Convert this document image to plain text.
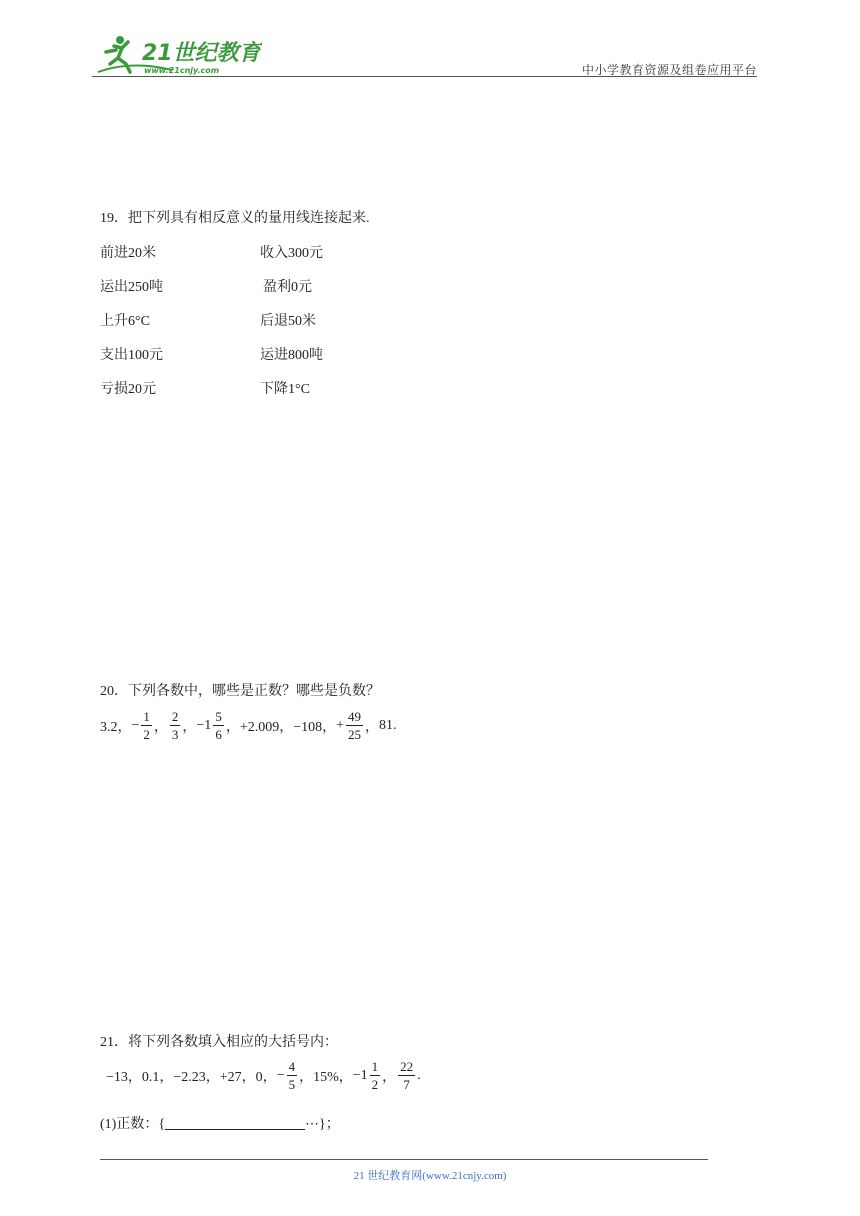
21世纪教育
www.21cnjy.com	中小学教育资源及组卷应用平台
19．把下列具有相反意义的量用线连接起来.
前进20米	收入300元
运出250吨	盈利0元
上升6°C	后退50米
支出100元	运进800吨
亏损20元	下降1°C
20．下列各数中，哪些是正数？哪些是负数？
3.2， − $\frac{1}{2}$ ， $\frac{2}{3}$ ， $-1 \frac{5}{6}$ ， +2.009， −108， + $\frac{49}{25}$ ， 81.
21．将下列各数填入相应的大括号内：
−13，0.1，−2.23，+27，0， − $\frac{4}{5}$ ，15%， $-1 \frac{1}{2}$ ， $\frac{22}{7}$ .
(1)正数：{	⋯}；
21 世纪教育网(www.21cnjy.com)
